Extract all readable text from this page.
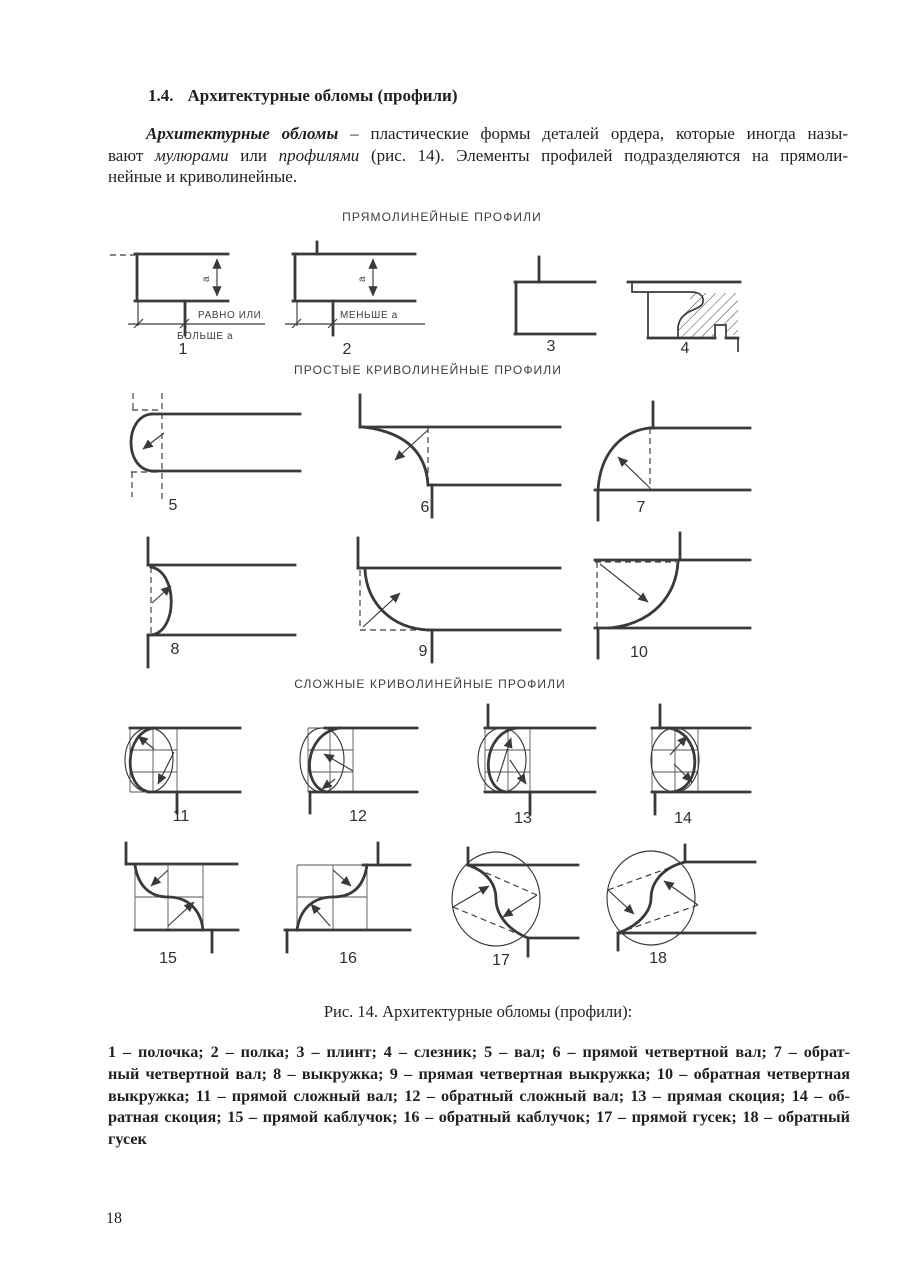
1.4. Архитектурные обломы (профили)
Архитектурные обломы – пластические формы деталей ордера, которые иногда назы-
вают мулюрами или профилями (рис. 14). Элементы профилей подразделяются на прямоли-
нейные и криволинейные.
ПРЯМОЛИНЕЙНЫЕ ПРОФИЛИ
ПРОСТЫЕ КРИВОЛИНЕЙНЫЕ ПРОФИЛИ
СЛОЖНЫЕ КРИВОЛИНЕЙНЫЕ ПРОФИЛИ
а
РАВНО ИЛИ
БОЛЬШЕ а
1
а
МЕНЬШЕ а
2	3	4
5	6	7
8	9	10
11	12	13	14
15	16	17	18
Рис. 14. Архитектурные обломы (профили):
1 – полочка; 2 – полка; 3 – плинт; 4 – слезник; 5 – вал; 6 – прямой четвертной вал; 7 – обрат-
ный четвертной вал; 8 – выкружка; 9 – прямая четвертная выкружка; 10 – обратная четвертная
выкружка; 11 – прямой сложный вал; 12 – обратный сложный вал; 13 – прямая скоция; 14 – об-
ратная скоция; 15 – прямой каблучок; 16 – обратный каблучок; 17 – прямой гусек; 18 – обратный
гусек
18
